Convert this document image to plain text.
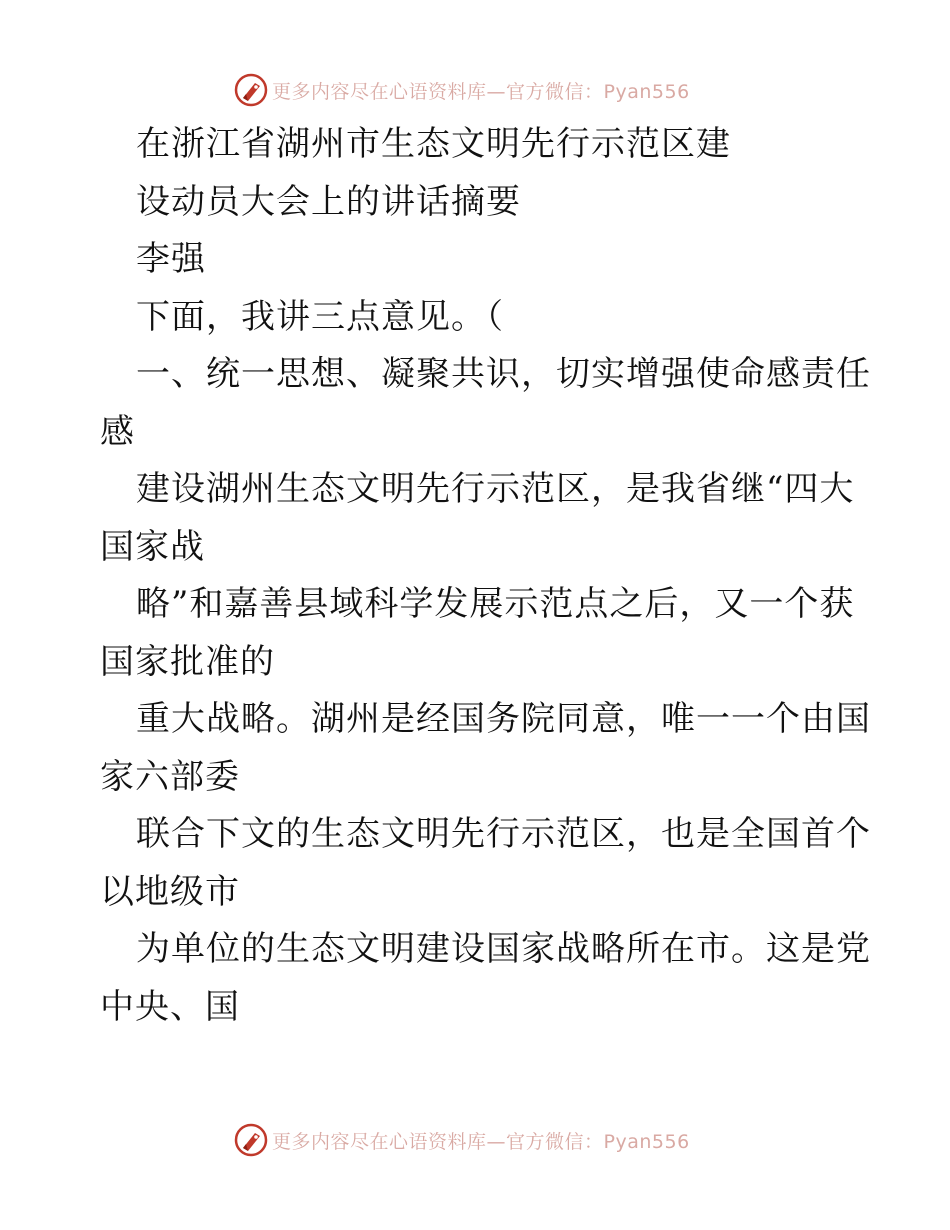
更多内容尽在心语资料库—官方微信：Pyan556
在浙江省湖州市生态文明先行示范区建
设动员大会上的讲话摘要
李强
下面，我讲三点意见。（
一、统一思想、凝聚共识，切实增强使命感责任
感
建设湖州生态文明先行示范区，是我省继“四大
国家战
略”和嘉善县域科学发展示范点之后，又一个获
国家批准的
重大战略。湖州是经国务院同意，唯一一个由国
家六部委
联合下文的生态文明先行示范区，也是全国首个
以地级市
为单位的生态文明建设国家战略所在市。这是党
中央、国
更多内容尽在心语资料库—官方微信：Pyan556
